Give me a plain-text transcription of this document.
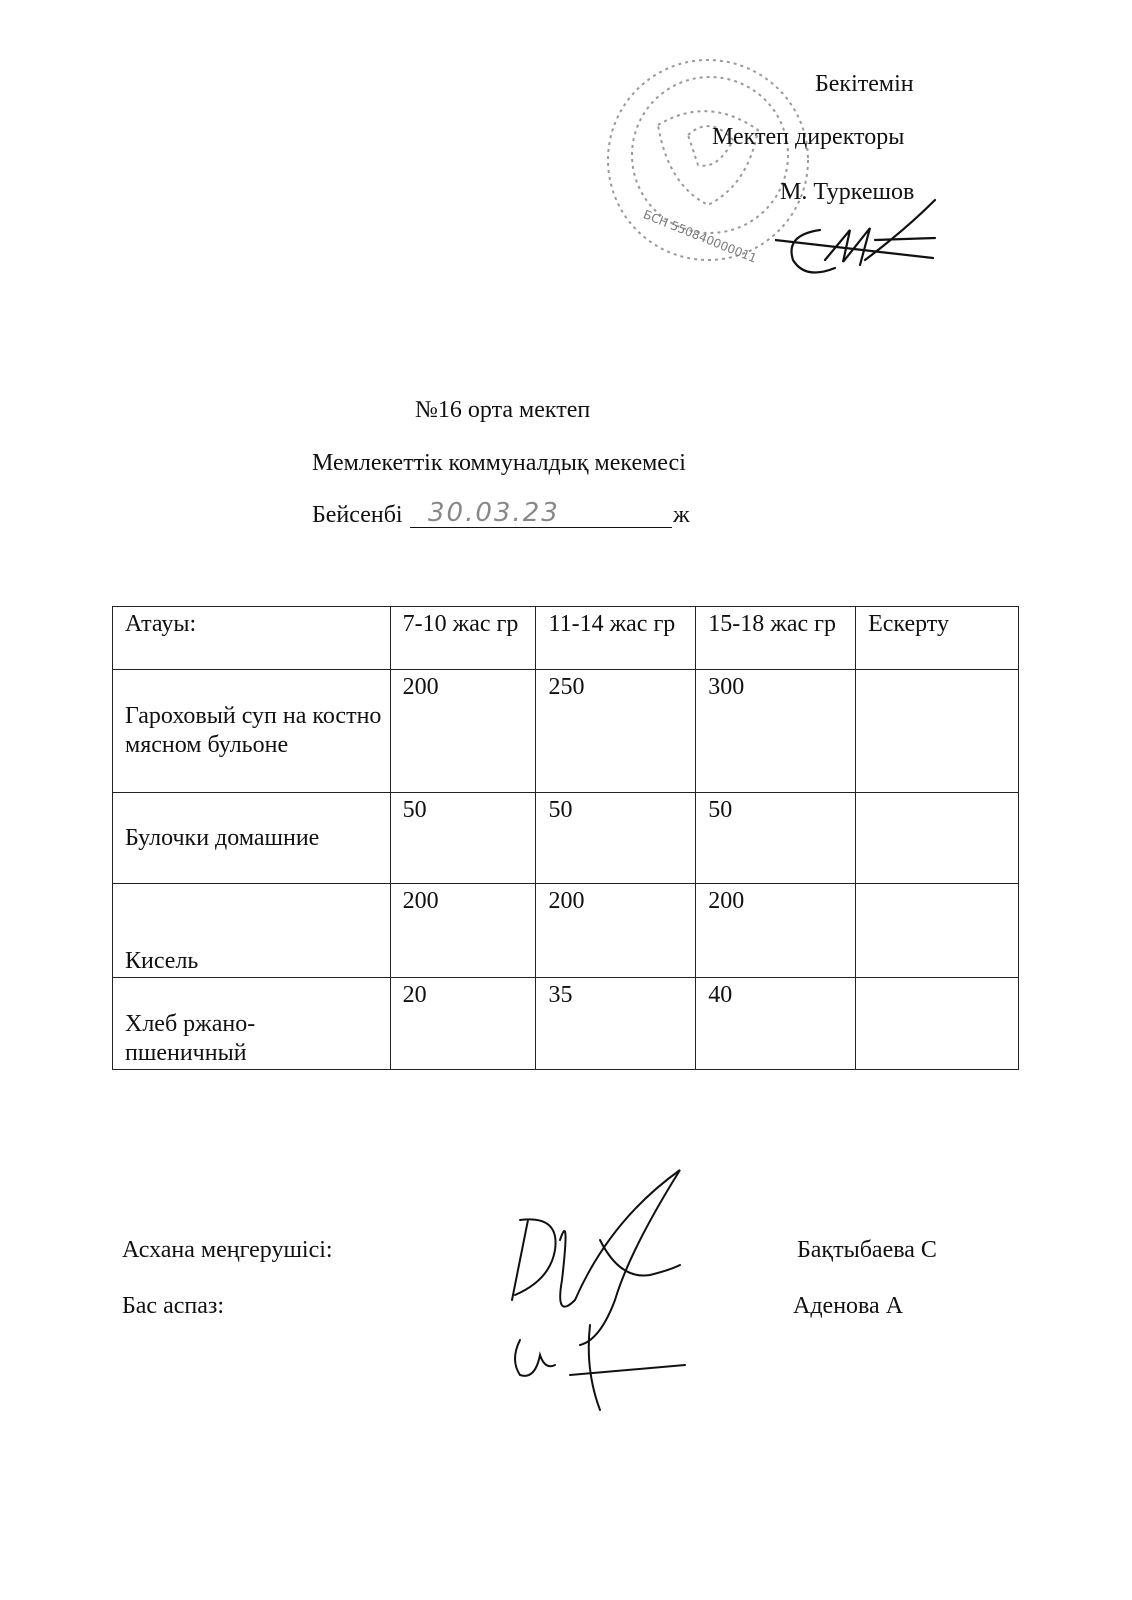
БСН 550840000011
Бекітемін
Мектеп директоры
М. Туркешов
№16 орта мектеп
Мемлекеттік коммуналдық мекемесі
Бейсенбі 30.03.23	ж
Атауы:	7-10 жас гр	11-14 жас гр	15-18 жас гр	Ескерту

Гароховый суп на костно мясном бульоне	200	250	300	

Булочки домашние	50	50	50	

Кисель	200	200	200	

Хлеб ржано-пшеничный	20	35	40	
Асхана меңгерушісі:	Бақтыбаева С
Бас аспаз:	Аденова А
